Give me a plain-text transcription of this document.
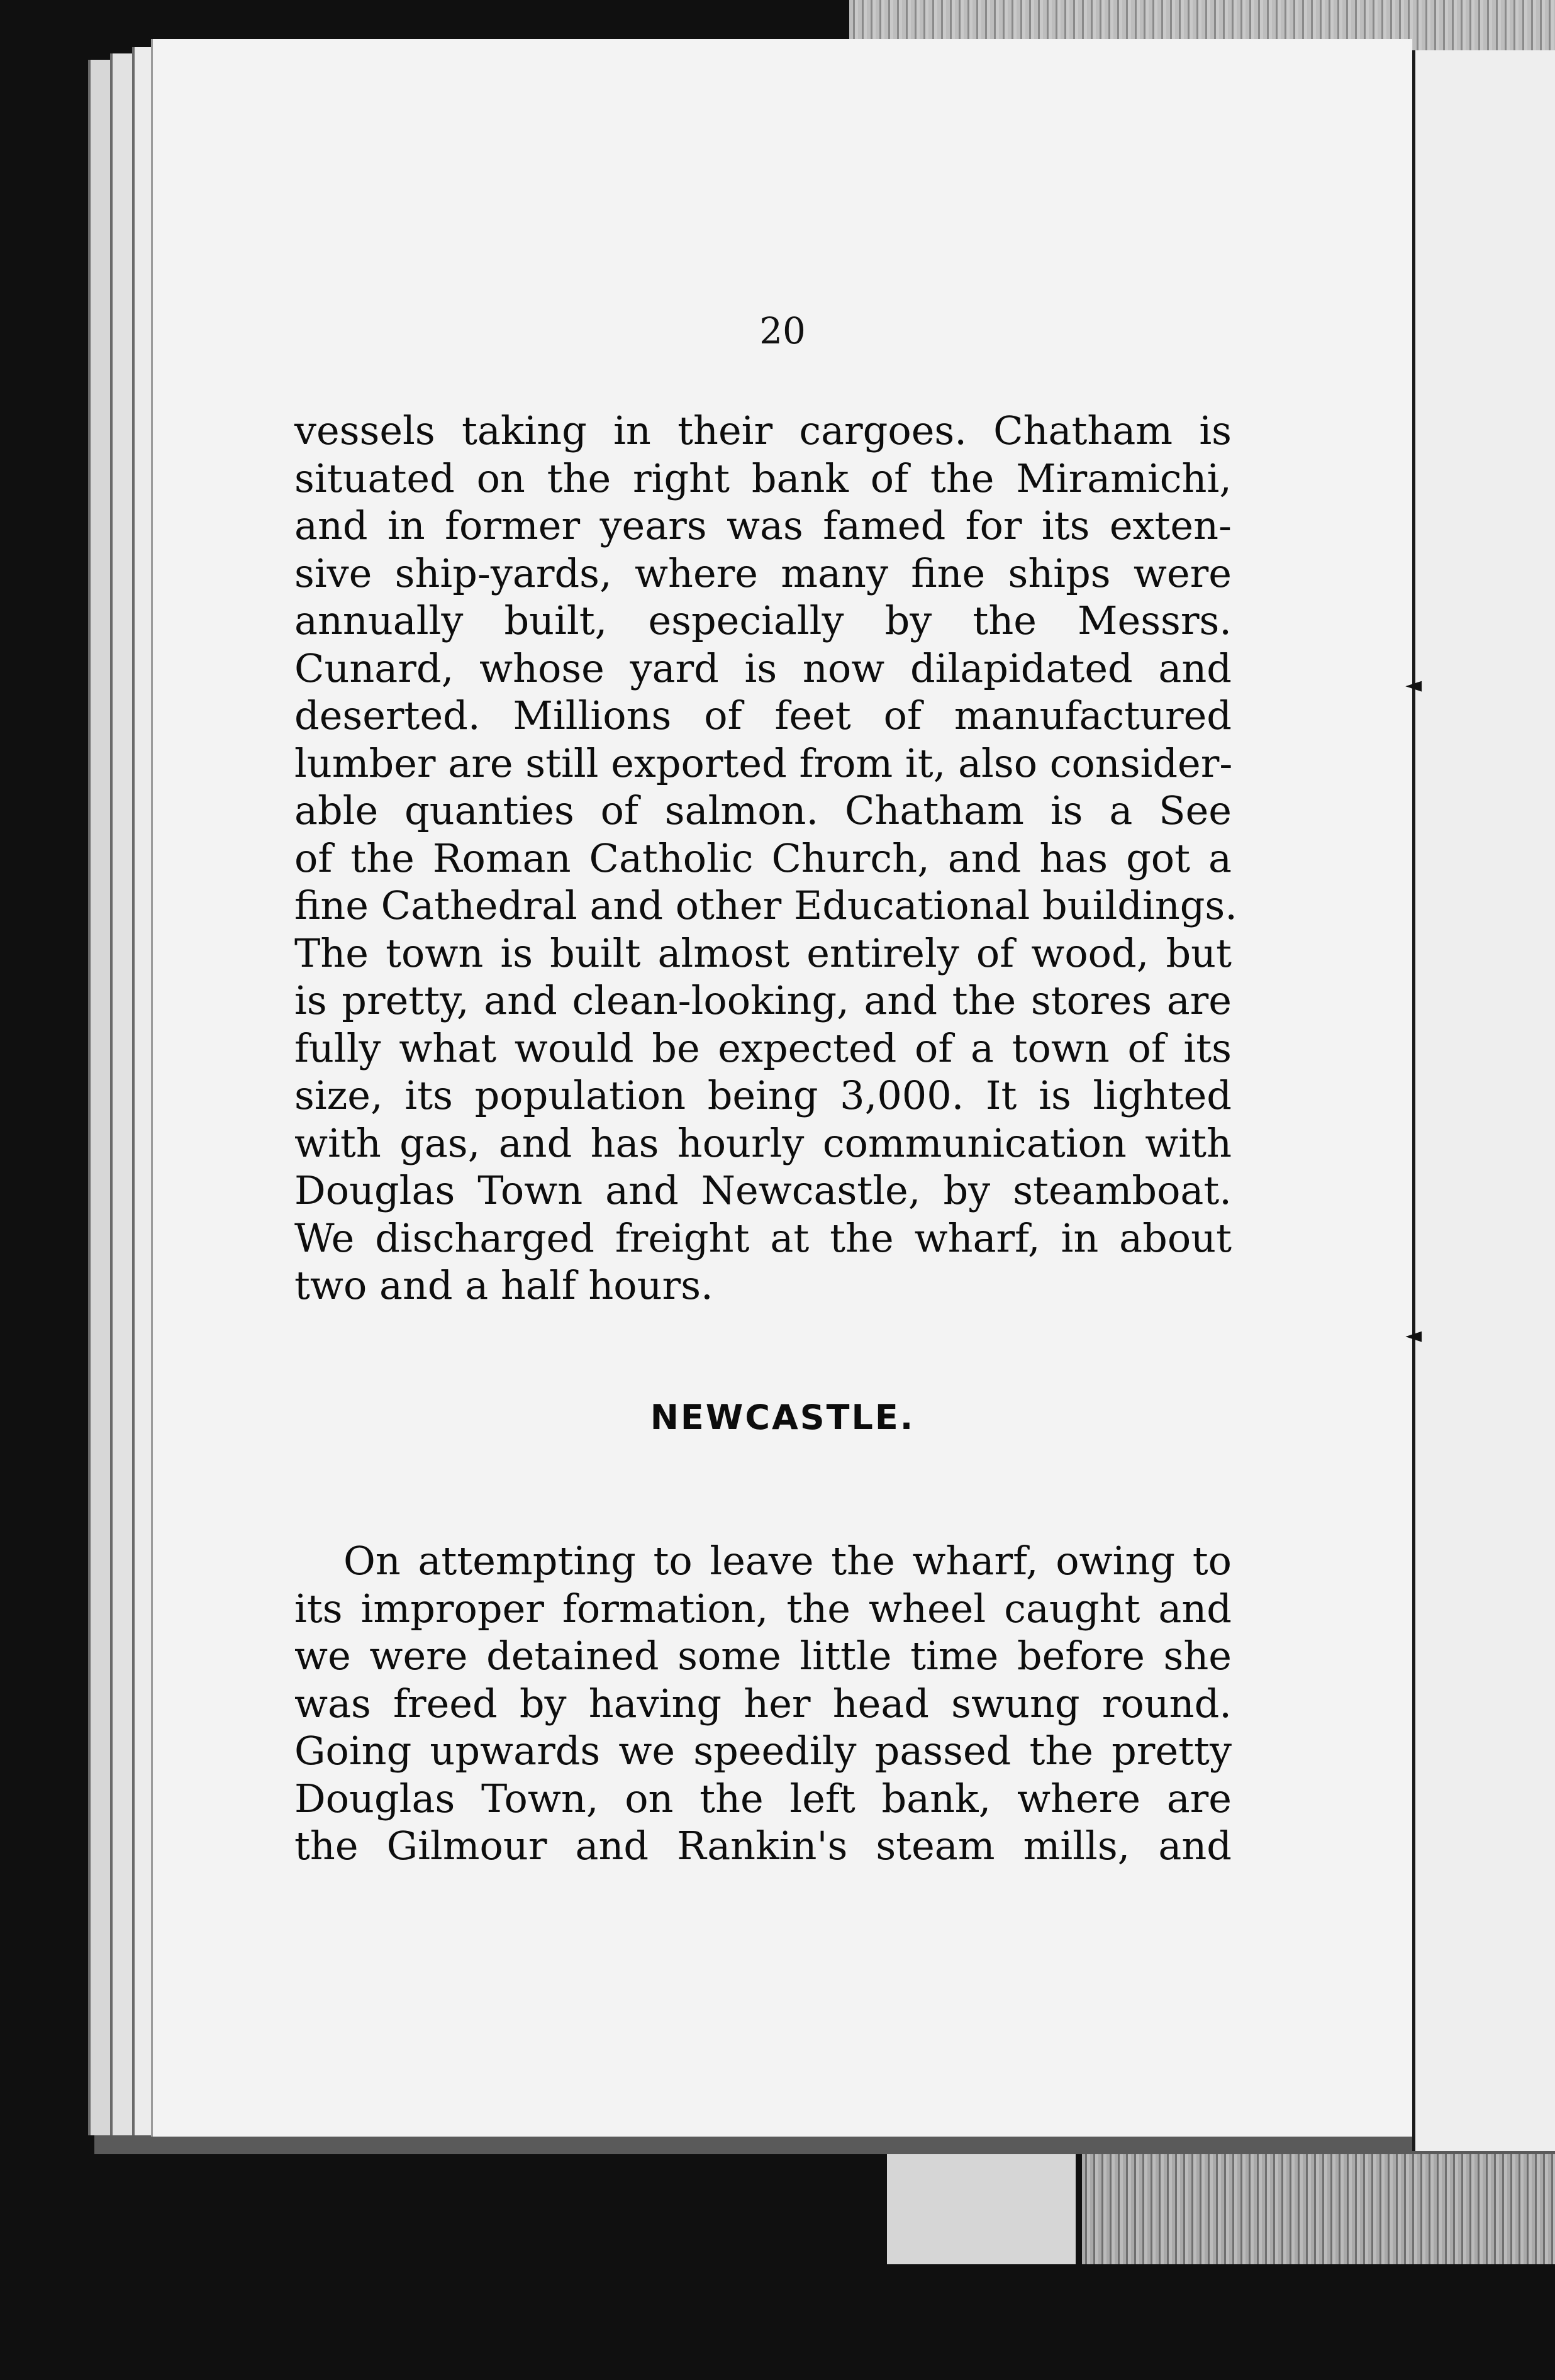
20
vessels taking in their cargoes. Chatham is
situated on the right bank of the Miramichi,
and in former years was famed for its exten-
sive ship-yards, where many fine ships were
annually built, especially by the Messrs.
Cunard, whose yard is now dilapidated and
deserted. Millions of feet of manufactured
lumber are still exported from it, also consider-
able quanties of salmon. Chatham is a See
of the Roman Catholic Church, and has got a
fine Cathedral and other Educational buildings.
The town is built almost entirely of wood, but
is pretty, and clean-looking, and the stores are
fully what would be expected of a town of its
size, its population being 3,000. It is lighted
with gas, and has hourly communication with
Douglas Town and Newcastle, by steamboat.
We discharged freight at the wharf, in about
two and a half hours.
NEWCASTLE.
On attempting to leave the wharf, owing to
its improper formation, the wheel caught and
we were detained some little time before she
was freed by having her head swung round.
Going upwards we speedily passed the pretty
Douglas Town, on the left bank, where are
the Gilmour and Rankin's steam mills, and
◄
◄
